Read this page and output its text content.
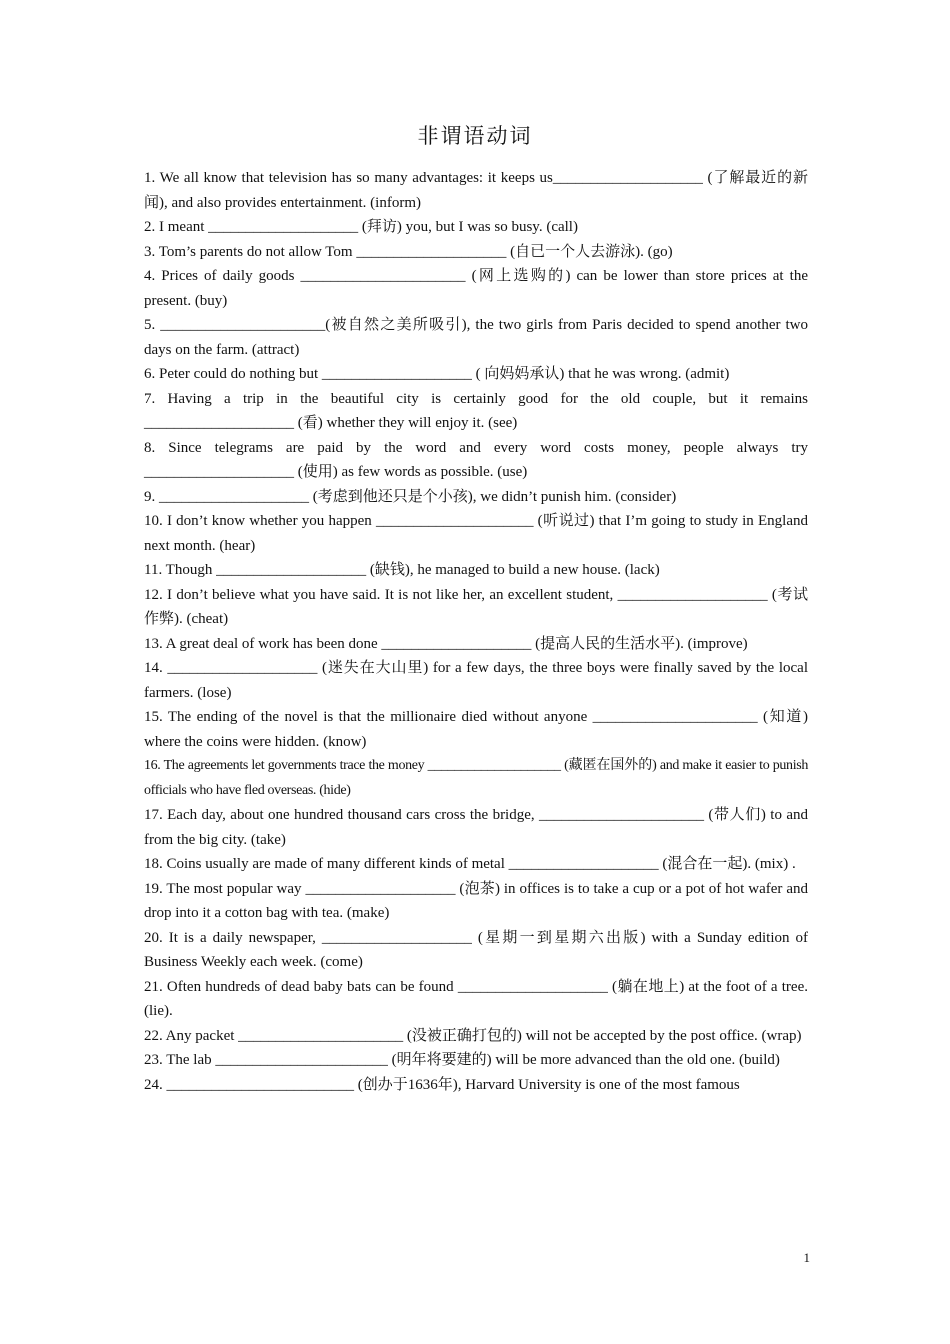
非谓语动词

1. We all know that television has so many advantages: it keeps us____________________ (了解最近的新闻), and also provides entertainment. (inform)

2. I meant ____________________ (拜访) you, but I was so busy. (call)

3. Tom’s parents do not allow Tom ____________________ (自已一个人去游泳). (go)

4. Prices of daily goods ______________________ (网上选购的) can be lower than store prices at the present. (buy)

5. ______________________(被自然之美所吸引), the two girls from Paris decided to spend another two days on the farm. (attract)

6. Peter could do nothing but ____________________ ( 向妈妈承认) that he was wrong. (admit)

7. Having a trip in the beautiful city is certainly good for the old couple, but it remains ____________________ (看) whether they will enjoy it. (see)

8. Since telegrams are paid by the word and every word costs money, people always try ____________________ (使用) as few words as possible. (use)

9. ____________________ (考虑到他还只是个小孩), we didn’t punish him. (consider)

10. I don’t know whether you happen _____________________ (听说过) that I’m going to study in England next month. (hear)

11. Though ____________________ (缺钱), he managed to build a new house. (lack)

12. I don’t believe what you have said. It is not like her, an excellent student, ____________________ (考试作弊). (cheat)

13. A great deal of work has been done ____________________ (提高人民的生活水平). (improve)

14. ____________________ (迷失在大山里) for a few days, the three boys were finally saved by the local farmers. (lose)

15. The ending of the novel is that the millionaire died without anyone ______________________ (知道) where the coins were hidden. (know)

16. The agreements let governments trace the money ____________________ (藏匿在国外的) and make it easier to punish officials who have fled overseas. (hide)

17. Each day, about one hundred thousand cars cross the bridge, ______________________ (带人们) to and from the big city. (take)

18. Coins usually are made of many different kinds of metal ____________________ (混合在一起). (mix) .

19. The most popular way ____________________ (泡茶) in offices is to take a cup or a pot of hot wafer and drop into it a cotton bag with tea. (make)

20. It is a daily newspaper, ____________________ (星期一到星期六出版) with a Sunday edition of Business Weekly each week. (come)

21. Often hundreds of dead baby bats can be found ____________________ (躺在地上) at the foot of a tree. (lie).

22. Any packet ______________________ (没被正确打包的) will not be accepted by the post office. (wrap)

23. The lab _______________________ (明年将要建的) will be more advanced than the old one. (build)

24. _________________________ (创办于1636年), Harvard University is one of the most famous

1
